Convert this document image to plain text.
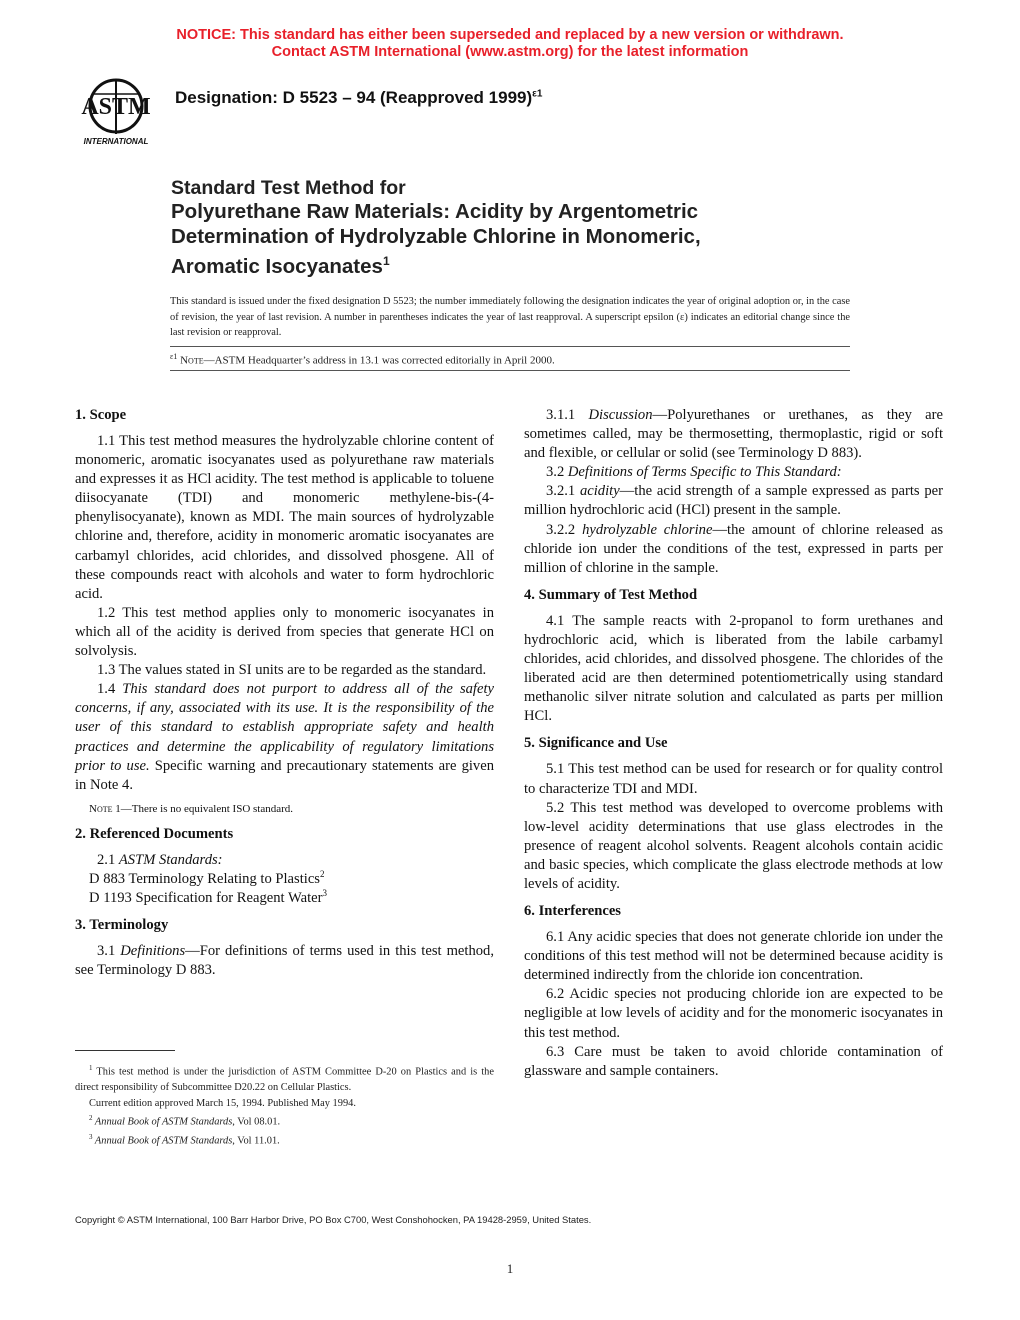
NOTICE: This standard has either been superseded and replaced by a new version or withdrawn.
Contact ASTM International (www.astm.org) for the latest information
ASTM
INTERNATIONAL
Designation: D 5523 – 94 (Reapproved 1999)$^{\varepsilon 1}$
Standard Test Method for
Polyurethane Raw Materials: Acidity by Argentometric
Determination of Hydrolyzable Chlorine in Monomeric,
Aromatic Isocyanates$^1$
This standard is issued under the fixed designation D 5523; the number immediately following the designation indicates the year of original adoption or, in the case of revision, the year of last revision. A number in parentheses indicates the year of last reapproval. A superscript epsilon (ε) indicates an editorial change since the last revision or reapproval.
$^{\varepsilon 1}$ Note—ASTM Headquarter’s address in 13.1 was corrected editorially in April 2000.
1. Scope

1.1 This test method measures the hydrolyzable chlorine content of monomeric, aromatic isocyanates used as polyurethane raw materials and expresses it as HCl acidity. The test method is applicable to toluene diisocyanate (TDI) and monomeric methylene-bis-(4-phenylisocyanate), known as MDI. The main sources of hydrolyzable chlorine and, therefore, acidity in monomeric aromatic isocyanates are carbamyl chlorides, acid chlorides, and dissolved phosgene. All of these compounds react with alcohols and water to form hydrochloric acid.

1.2 This test method applies only to monomeric isocyanates in which all of the acidity is derived from species that generate HCl on solvolysis.

1.3 The values stated in SI units are to be regarded as the standard.

1.4 This standard does not purport to address all of the safety concerns, if any, associated with its use. It is the responsibility of the user of this standard to establish appropriate safety and health practices and determine the applicability of regulatory limitations prior to use. Specific warning and precautionary statements are given in Note 4.

Note 1—There is no equivalent ISO standard.

2. Referenced Documents

2.1 ASTM Standards:

D 883 Terminology Relating to Plastics$^2$

D 1193 Specification for Reagent Water$^3$

3. Terminology

3.1 Definitions—For definitions of terms used in this test method, see Terminology D 883.

3.1.1 Discussion—Polyurethanes or urethanes, as they are sometimes called, may be thermosetting, thermoplastic, rigid or soft and flexible, or cellular or solid (see Terminology D 883).

3.2 Definitions of Terms Specific to This Standard:

3.2.1 acidity—the acid strength of a sample expressed as parts per million hydrochloric acid (HCl) present in the sample.

3.2.2 hydrolyzable chlorine—the amount of chlorine released as chloride ion under the conditions of the test, expressed in parts per million of chlorine in the sample.

4. Summary of Test Method

4.1 The sample reacts with 2-propanol to form urethanes and hydrochloric acid, which is liberated from the labile carbamyl chlorides, acid chlorides, and dissolved phosgene. The chlorides of the liberated acid are then determined potentiometrically using standard methanolic silver nitrate solution and calculated as parts per million HCl.

5. Significance and Use

5.1 This test method can be used for research or for quality control to characterize TDI and MDI.

5.2 This test method was developed to overcome problems with low-level acidity determinations that use glass electrodes in the presence of reagent alcohol solvents. Reagent alcohols contain acidic and basic species, which complicate the glass electrode methods at low levels of acidity.

6. Interferences

6.1 Any acidic species that does not generate chloride ion under the conditions of this test method will not be determined because acidity is determined indirectly from the chloride ion concentration.

6.2 Acidic species not producing chloride ion are expected to be negligible at low levels of acidity and for the monomeric isocyanates in this test method.

6.3 Care must be taken to avoid chloride contamination of glassware and sample containers.

$^1$ This test method is under the jurisdiction of ASTM Committee D-20 on Plastics and is the direct responsibility of Subcommittee D20.22 on Cellular Plastics.

Current edition approved March 15, 1994. Published May 1994.

$^2$ Annual Book of ASTM Standards, Vol 08.01.

$^3$ Annual Book of ASTM Standards, Vol 11.01.

Copyright © ASTM International, 100 Barr Harbor Drive, PO Box C700, West Conshohocken, PA 19428-2959, United States.
1
